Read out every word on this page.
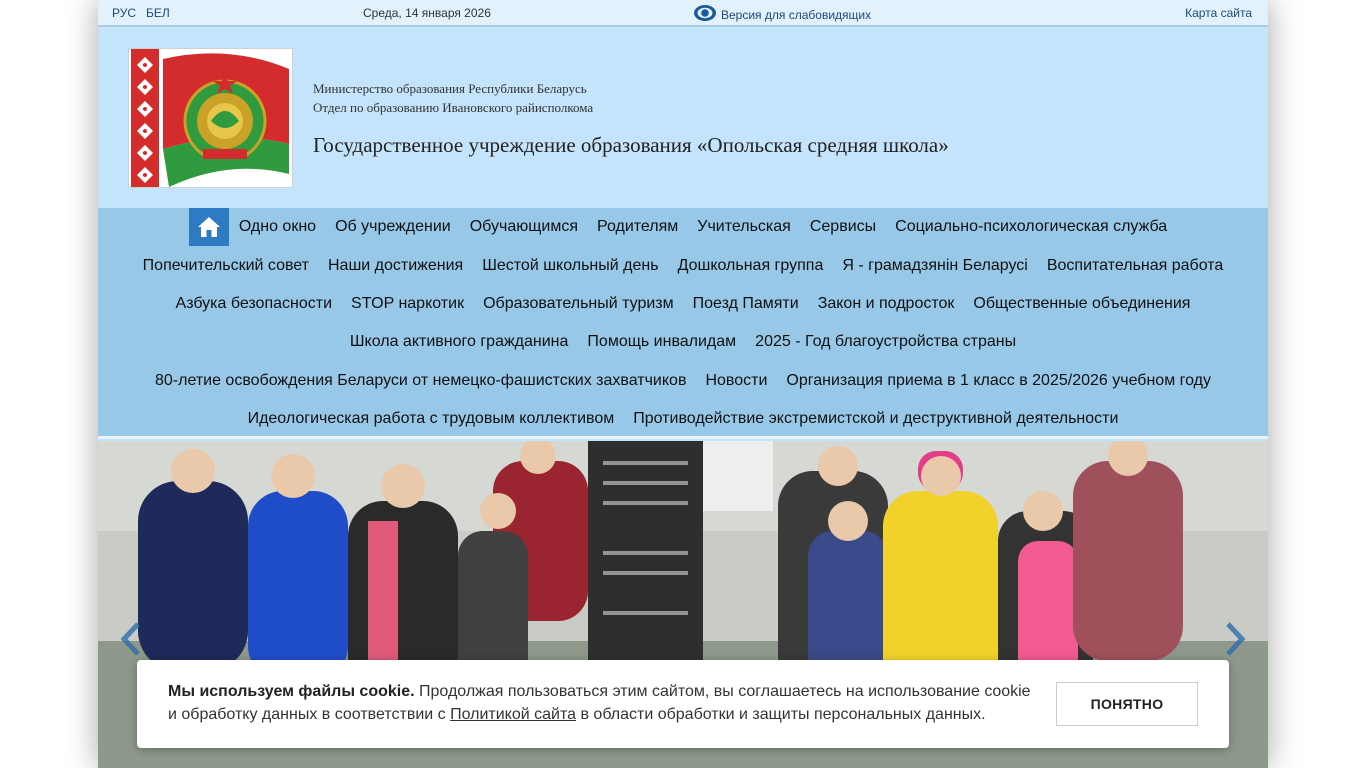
РУС БЕЛ	Среда, 14 января 2026	Версия для слабовидящих	Карта сайта
Министерство образования Республики Беларусь
Отдел по образованию Ивановского райисполкома
Государственное учреждение образования «Опольская средняя школа»
Одно окно	Об учреждении	Обучающимся	Родителям	Учительская	Сервисы	Социально-психологическая служба
Попечительский совет	Наши достижения	Шестой школьный день	Дошкольная группа	Я - грамадзянін Беларусі	Воспитательная работа
Азбука безопасности	STOP наркотик	Образовательный туризм	Поезд Памяти	Закон и подросток	Общественные объединения
Школа активного гражданина	Помощь инвалидам	2025 - Год благоустройства страны
80-летие освобождения Беларуси от немецко-фашистских захватчиков	Новости	Организация приема в 1 класс в 2025/2026 учебном году
Идеологическая работа с трудовым коллективом	Противодействие экстремистской и деструктивной деятельности
Мы используем файлы cookie. Продолжая пользоваться этим сайтом, вы соглашаетесь на использование cookie и обработку данных в соответствии с Политикой сайта в области обработки и защиты персональных данных.
ПОНЯТНО
